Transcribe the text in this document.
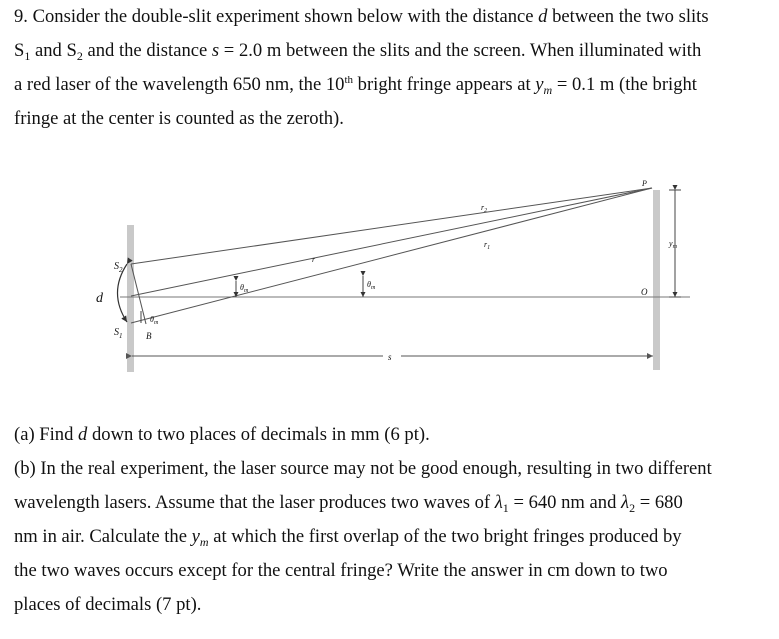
9. Consider the double-slit experiment shown below with the distance d between the two slits
$S_1$ and $S_2$ and the distance s = 2.0 m between the slits and the screen. When illuminated with
a red laser of the wavelength 650 nm, the 10th bright fringe appears at $y_m = 0.1$ m (the bright
fringe at the center is counted as the zeroth).
$S_2$
$S_1$
d
B
$\theta_m$
$\theta_m$
$\theta_m$
r
$r_1$
$r_2$
P
O
$y_m$
s
(a) Find d down to two places of decimals in mm (6 pt).
(b) In the real experiment, the laser source may not be good enough, resulting in two different
wavelength lasers. Assume that the laser produces two waves of $\lambda_1 = 640$ nm and $\lambda_2 = 680$
nm in air. Calculate the $y_m$ at which the first overlap of the two bright fringes produced by
the two waves occurs except for the central fringe? Write the answer in cm down to two
places of decimals (7 pt).
